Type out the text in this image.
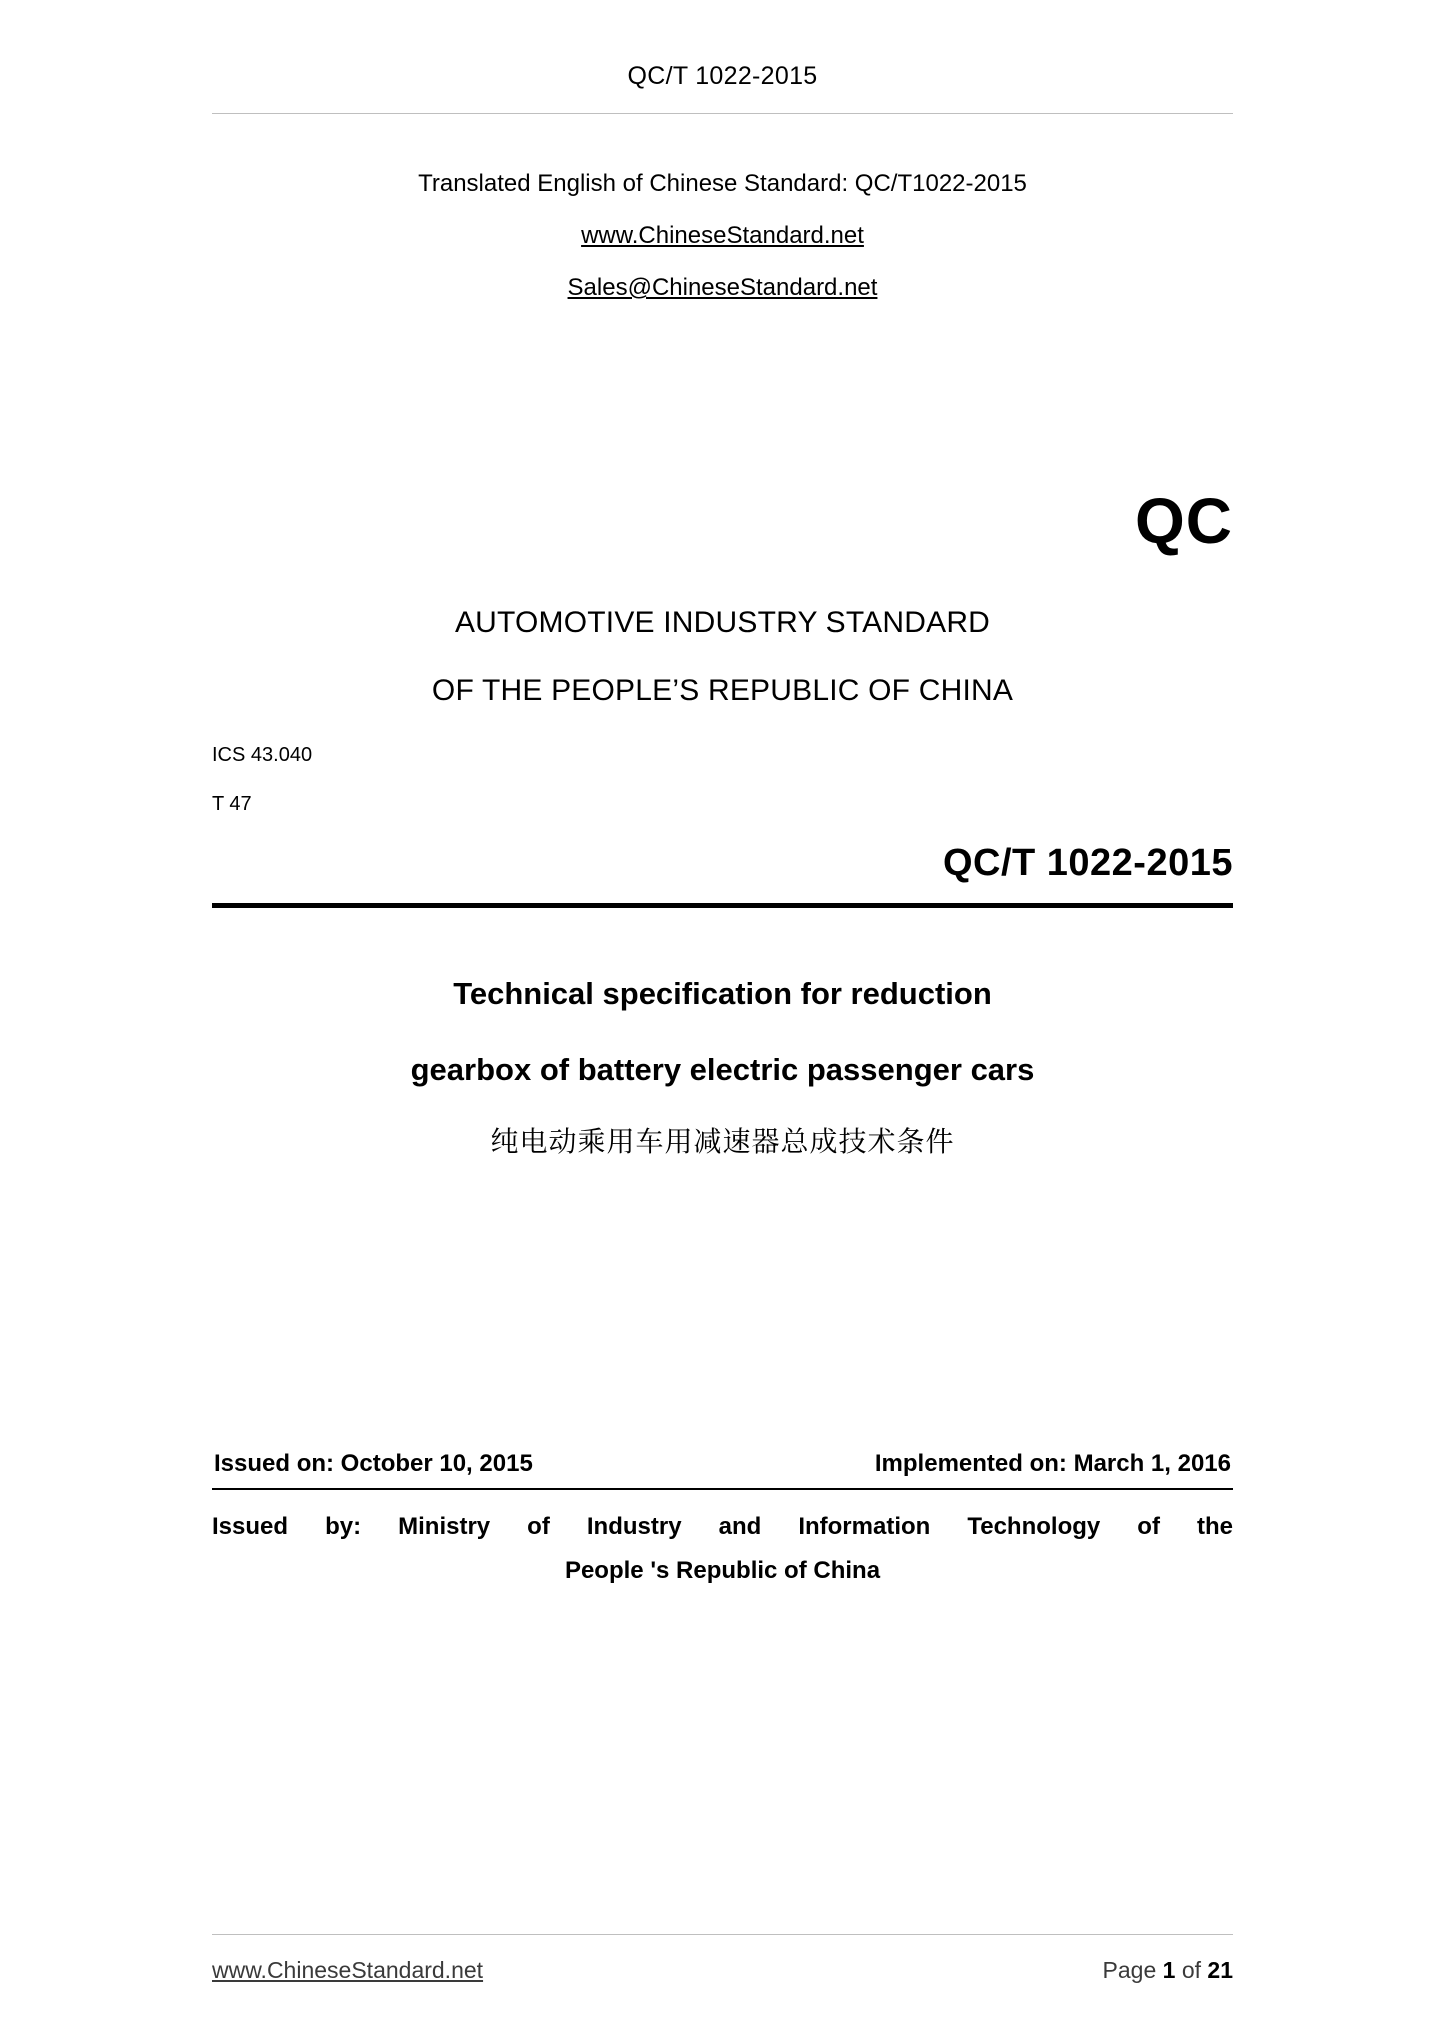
QC/T 1022-2015
Translated English of Chinese Standard: QC/T1022-2015
www.ChineseStandard.net
Sales@ChineseStandard.net
QC
AUTOMOTIVE INDUSTRY STANDARD
OF THE PEOPLE’S REPUBLIC OF CHINA
ICS 43.040
T 47
QC/T 1022-2015
Technical specification for reduction
gearbox of battery electric passenger cars
纯电动乘用车用减速器总成技术条件
Issued on: October 10, 2015	Implemented on: March 1, 2016
Issued by: Ministry of Industry and Information Technology of the
People 's Republic of China
www.ChineseStandard.net	Page 1 of 21
